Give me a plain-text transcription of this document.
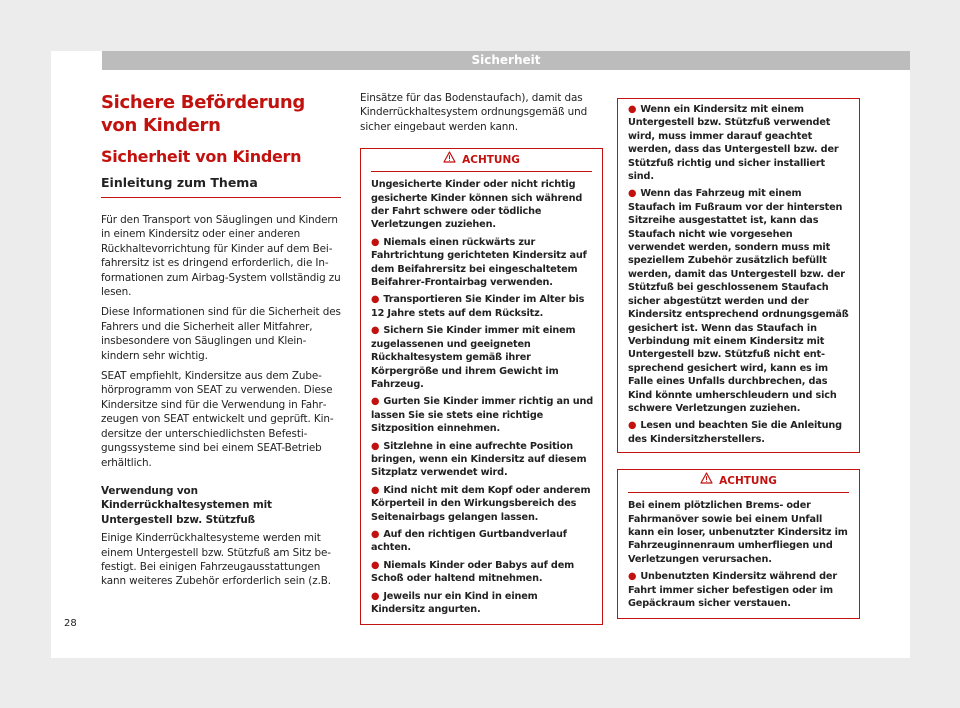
Sicherheit
Sichere Beförderung von Kindern
Sicherheit von Kindern
Einleitung zum Thema

Für den Transport von Säuglingen und Kindern in einem Kindersitz oder einer anderen Rückhaltevorrichtung für Kinder auf dem Beifahrersitz ist es dringend erforderlich, die Informationen zum Airbag-System vollständig zu lesen.

Diese Informationen sind für die Sicherheit des Fahrers und die Sicherheit aller Mitfahrer, insbesondere von Säuglingen und Kleinkindern sehr wichtig.

SEAT empfiehlt, Kindersitze aus dem Zubehörprogramm von SEAT zu verwenden. Diese Kindersitze sind für die Verwendung in Fahrzeugen von SEAT entwickelt und geprüft. Kindersitze der unterschiedlichsten Befestigungssysteme sind bei einem SEAT-Betrieb erhältlich.

Verwendung von Kinderrückhaltesystemen mit Untergestell bzw. Stützfuß

Einige Kinderrückhaltesysteme werden mit einem Untergestell bzw. Stützfuß am Sitz befestigt. Bei einigen Fahrzeugausstattungen kann weiteres Zubehör erforderlich sein (z.B.

Einsätze für das Bodenstaufach), damit das Kinderrückhaltesystem ordnungsgemäß und sicher eingebaut werden kann.

ACHTUNG

Ungesicherte Kinder oder nicht richtig gesicherte Kinder können sich während der Fahrt schwere oder tödliche Verletzungen zuziehen.

● Niemals einen rückwärts zur Fahrtrichtung gerichteten Kindersitz auf dem Beifahrersitz bei eingeschaltetem Beifahrer-Frontairbag verwenden.

● Transportieren Sie Kinder im Alter bis 12 Jahre stets auf dem Rücksitz.

● Sichern Sie Kinder immer mit einem zugelassenen und geeigneten Rückhaltesystem gemäß ihrer Körpergröße und ihrem Gewicht im Fahrzeug.

● Gurten Sie Kinder immer richtig an und lassen Sie sie stets eine richtige Sitzposition einnehmen.

● Sitzlehne in eine aufrechte Position bringen, wenn ein Kindersitz auf diesem Sitzplatz verwendet wird.

● Kind nicht mit dem Kopf oder anderem Körperteil in den Wirkungsbereich des Seitenairbags gelangen lassen.

● Auf den richtigen Gurtbandverlauf achten.

● Niemals Kinder oder Babys auf dem Schoß oder haltend mitnehmen.

● Jeweils nur ein Kind in einem Kindersitz angurten.

● Wenn ein Kindersitz mit einem Untergestell bzw. Stützfuß verwendet wird, muss immer darauf geachtet werden, dass das Untergestell bzw. der Stützfuß richtig und sicher installiert sind.

● Wenn das Fahrzeug mit einem Staufach im Fußraum vor der hintersten Sitzreihe ausgestattet ist, kann das Staufach nicht wie vorgesehen verwendet werden, sondern muss mit speziellem Zubehör zusätzlich befüllt werden, damit das Untergestell bzw. der Stützfuß bei geschlossenem Staufach sicher abgestützt werden und der Kindersitz entsprechend ordnungsgemäß gesichert ist. Wenn das Staufach in Verbindung mit einem Kindersitz mit Untergestell bzw. Stützfuß nicht entsprechend gesichert wird, kann es im Falle eines Unfalls durchbrechen, das Kind könnte umherschleudern und sich schwere Verletzungen zuziehen.

● Lesen und beachten Sie die Anleitung des Kindersitzherstellers.

ACHTUNG

Bei einem plötzlichen Brems- oder Fahrmanöver sowie bei einem Unfall kann ein loser, unbenutzter Kindersitz im Fahrzeuginnenraum umherfliegen und Verletzungen verursachen.

● Unbenutzten Kindersitz während der Fahrt immer sicher befestigen oder im Gepäckraum sicher verstauen.

28
